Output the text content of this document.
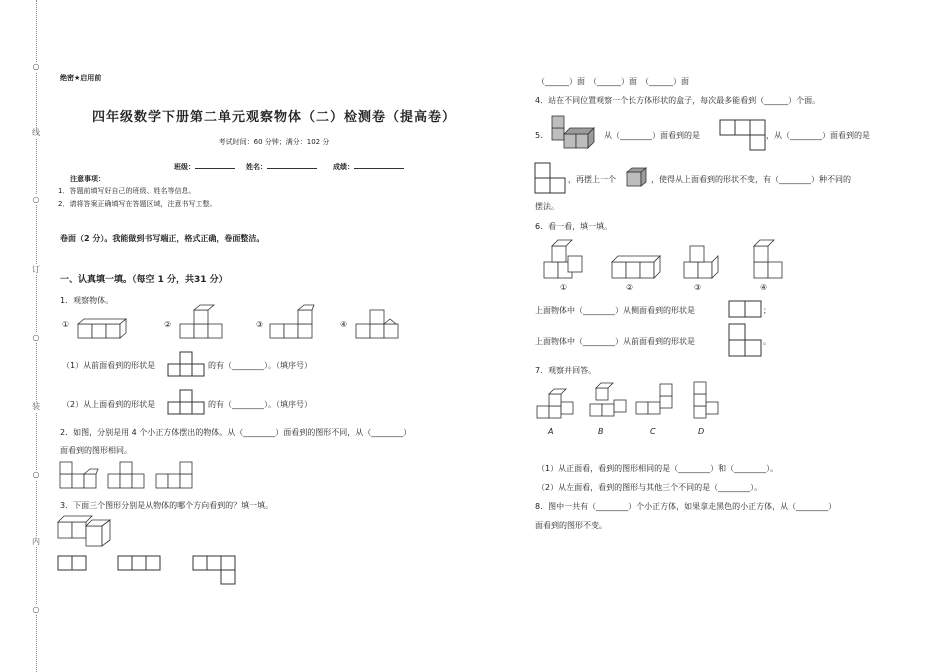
○
线
○
订
○
装
○
内
○
绝密★启用前
四年级数学下册第二单元观察物体（二）检测卷（提高卷）
考试时间：60 分钟；满分：102 分
班级：	姓名：	成绩：
注意事项：
1．答题前填写好自己的班级、姓名等信息。
2．请将答案正确填写在答题区域，注意书写工整。
卷面（2 分）。我能做到书写端正，格式正确，卷面整洁。
一、认真填一填。（每空 1 分，共31 分）
1．观察物体。
①	②	③	④
（1）从前面看到的形状是	的有（________）。（填序号）
（2）从上面看到的形状是	的有（________）。（填序号）
2．如图，分别是用 4 个小正方体摆出的物体。从（________）面看到的图形不同，从（________）
面看到的图形相同。
3．下面三个图形分别是从物体的哪个方向看到的？填一填。
（______）面　（______）面　（______）面
4．站在不同位置观察一个长方体形状的盒子，每次最多能看到（______）个面。
5．	从（________）面看到的是	，从（________）面看到的是
，再摆上一个	，使得从上面看到的形状不变，有（________）种不同的
摆法。
6．看一看，填一填。
①	②	③	④
上面物体中（________）从侧面看到的形状是	；
上面物体中（________）从前面看到的形状是	。
7．观察并回答。
A	B	C	D
（1）从正面看，看到的图形相同的是（________）和（________）。
（2）从左面看，看到的图形与其他三个不同的是（________）。
8．图中一共有（________）个小正方体，如果拿走黑色的小正方体，从（________）
面看到的图形不变。
